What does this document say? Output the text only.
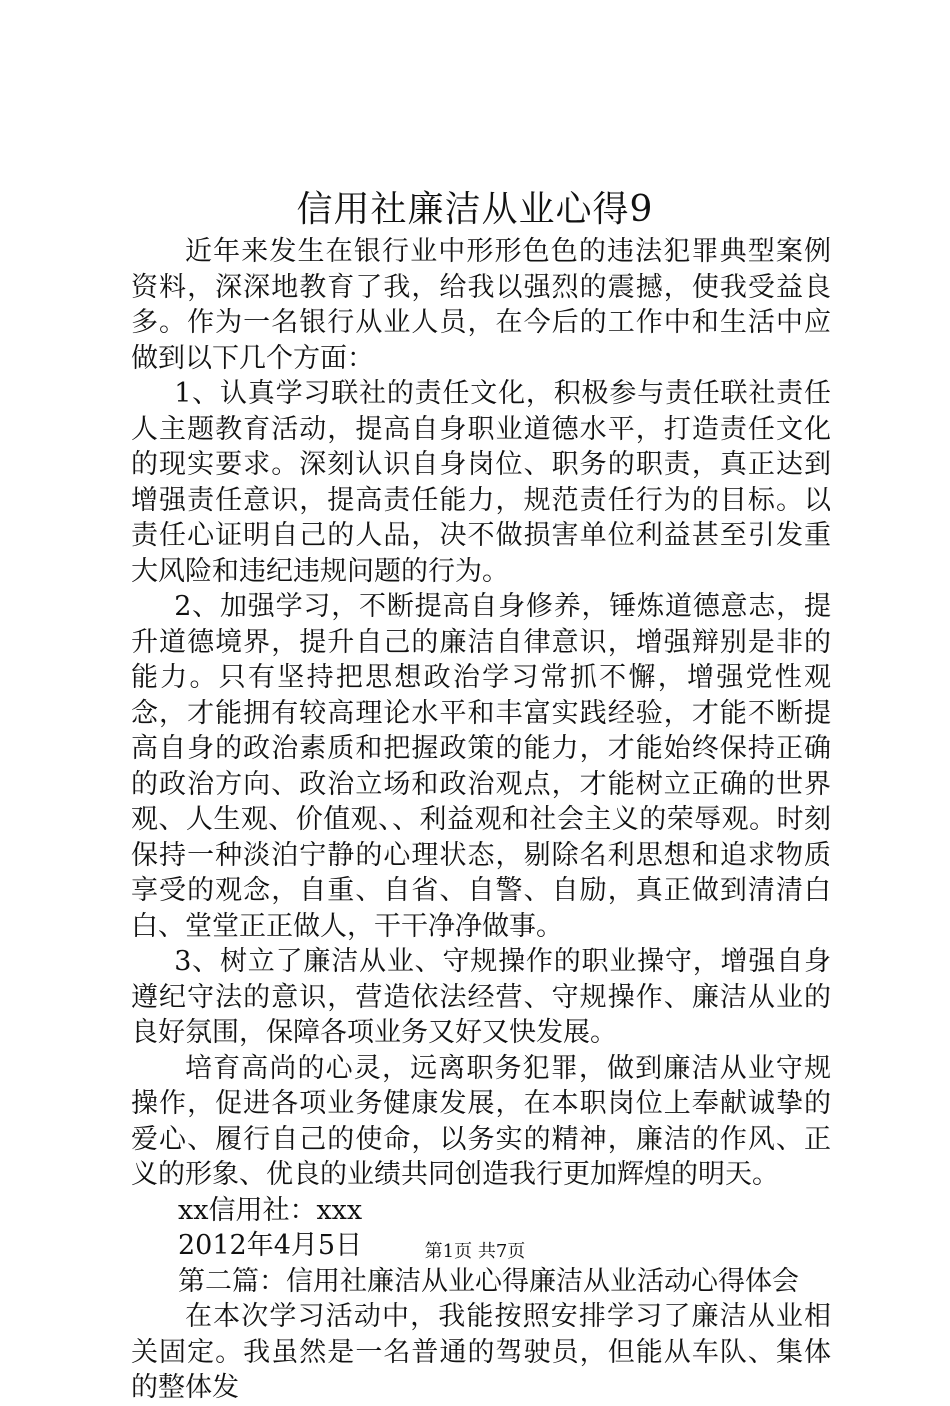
信用社廉洁从业心得9

近年来发生在银行业中形形色色的违法犯罪典型案例资料，深深地教育了我，给我以强烈的震撼，使我受益良多。作为一名银行从业人员，在今后的工作中和生活中应做到以下几个方面：

1、认真学习联社的责任文化，积极参与责任联社责任人主题教育活动，提高自身职业道德水平，打造责任文化的现实要求。深刻认识自身岗位、职务的职责，真正达到增强责任意识，提高责任能力，规范责任行为的目标。以责任心证明自己的人品，决不做损害单位利益甚至引发重大风险和违纪违规问题的行为。

2、加强学习，不断提高自身修养，锤炼道德意志，提升道德境界，提升自己的廉洁自律意识，增强辩别是非的能力。只有坚持把思想政治学习常抓不懈，增强党性观念，才能拥有较高理论水平和丰富实践经验，才能不断提高自身的政治素质和把握政策的能力，才能始终保持正确的政治方向、政治立场和政治观点，才能树立正确的世界观、人生观、价值观、、利益观和社会主义的荣辱观。时刻保持一种淡泊宁静的心理状态，剔除名利思想和追求物质享受的观念，自重、自省、自警、自励，真正做到清清白白、堂堂正正做人，干干净净做事。

3、树立了廉洁从业、守规操作的职业操守，增强自身遵纪守法的意识，营造依法经营、守规操作、廉洁从业的良好氛围，保障各项业务又好又快发展。

培育高尚的心灵，远离职务犯罪，做到廉洁从业守规操作，促进各项业务健康发展，在本职岗位上奉献诚挚的爱心、履行自己的使命，以务实的精神，廉洁的作风、正义的形象、优良的业绩共同创造我行更加辉煌的明天。

xx信用社：xxx

2012年4月5日

第二篇：信用社廉洁从业心得廉洁从业活动心得体会

在本次学习活动中，我能按照安排学习了廉洁从业相关固定。我虽然是一名普通的驾驶员，但能从车队、集体的整体发

第1页 共7页
